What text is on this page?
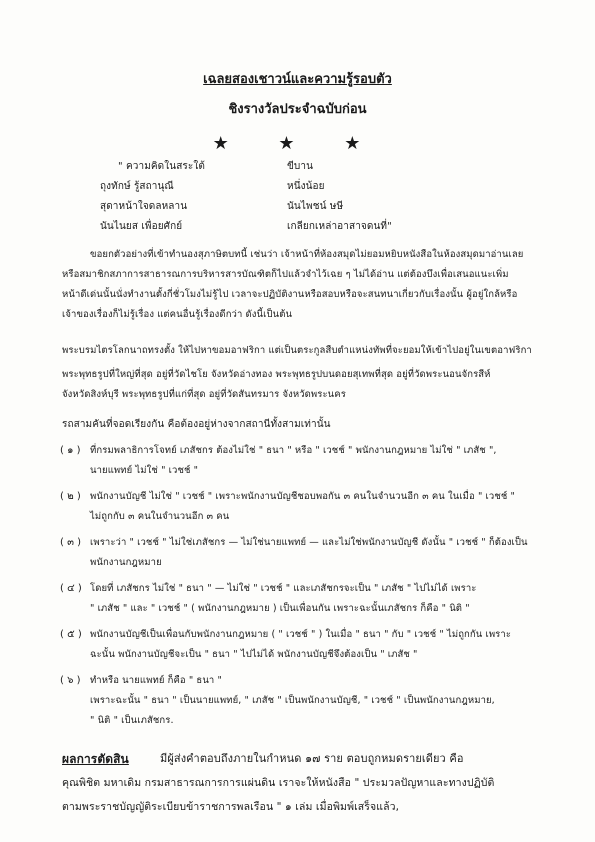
เฉลยสองเชาวน์และความรู้รอบตัว
ชิงรางวัลประจำฉบับก่อน
★ ★ ★
" ความคิดในสระใต้	ขีบาน
ถุงทักษ์ รู้สถานุณี	หนึ่งน้อย
สุดาหน้าใจดลหลาน	นันไพชน์ ษษี
นันไนยส เพื่อยศักย์	เกลียกเหล่าอาสาจดนที่"
ขอยกตัวอย่างที่เข้าทำนองสุภาษิตบทนี้ เช่นว่า เจ้าหน้าที่ห้องสมุดไม่ยอมหยิบหนังสือในห้องสมุดมาอ่านเลย
หรือสมาชิกสภาการสาธารณการบริหารสารบัณฑิตก็ไปแล้วจำไว้เฉย ๆ ไม่ได้อ่าน แต่ต้องบึงเพื่อเสนอแนะเพิ่ม
หน้าดีเด่นนั้นนั่งทำงานตั้งกี่ชั่วโมงไม่รู้ไป เวลาจะปฏิบัติงานหรือสอบหรือจะสนทนาเกี่ยวกับเรื่องนั้น ผู้อยู่ใกล้หรือ
เจ้าของเรื่องก็ไม่รู้เรื่อง แต่คนอื่นรู้เรื่องดีกว่า ดังนี้เป็นต้น
พระบรมไตรโลกนาถทรงตั้ง ให้ไปหาขอมอาฟริกา แต่เป็นตระกูลสืบตำแหน่งทัพที่จะยอมให้เข้าไปอยู่ในเขตอาฟริกา
พระพุทธรูปที่ใหญ่ที่สุด อยู่ที่วัดไชโย จังหวัดอ่างทอง พระพุทธรูปบนดอยสุเทพที่สุด อยู่ที่วัดพระนอนจักรสีห์
จังหวัดสิงห์บุรี พระพุทธรูปที่แก่ที่สุด อยู่ที่วัดสันทรมาร จังหวัดพระนคร
รถสามคันที่จอดเรียงกัน คือต้องอยู่ห่างจากสถานีทั้งสามเท่านั้น
( ๑ ) ที่กรมพลาธิการโจทย์ เภสัชกร ต้องไม่ใช่ " ธนา " หรือ " เวชช์ " พนักงานกฎหมาย ไม่ใช่ " เภสัช ",
นายแพทย์ ไม่ใช่ " เวชช์ "
( ๒ ) พนักงานบัญชี ไม่ใช่ " เวชช์ " เพราะพนักงานบัญชีชอบพอกัน ๓ คนในจำนวนอีก ๓ คน ในเมื่อ " เวชช์ "
ไม่ถูกกับ ๓ คนในจำนวนอีก ๓ คน
( ๓ ) เพราะว่า " เวชช์ " ไม่ใช่เภสัชกร — ไม่ใช่นายแพทย์ — และไม่ใช่พนักงานบัญชี ดังนั้น " เวชช์ " ก็ต้องเป็น
พนักงานกฎหมาย
( ๔ ) โดยที่ เภสัชกร ไม่ใช่ " ธนา " — ไม่ใช่ " เวชช์ " และเภสัชกรจะเป็น " เภสัช " ไปไม่ได้ เพราะ
" เภสัช " และ " เวชช์ " ( พนักงานกฎหมาย ) เป็นเพื่อนกัน เพราะฉะนั้นเภสัชกร ก็คือ " นิติ "
( ๕ ) พนักงานบัญชีเป็นเพื่อนกับพนักงานกฎหมาย ( " เวชช์ " ) ในเมื่อ " ธนา " กับ " เวชช์ " ไม่ถูกกัน เพราะ
ฉะนั้น พนักงานบัญชีจะเป็น " ธนา " ไปไม่ได้ พนักงานบัญชีจึงต้องเป็น " เภสัช "
( ๖ ) ทำหรือ นายแพทย์ ก็คือ " ธนา "
เพราะฉะนั้น " ธนา " เป็นนายแพทย์, " เภสัช " เป็นพนักงานบัญชี, " เวชช์ " เป็นพนักงานกฎหมาย,
" นิติ " เป็นเภสัชกร.
ผลการตัดสิน	มีผู้ส่งคำตอบถึงภายในกำหนด ๑๗ ราย ตอบถูกหมดรายเดียว คือ
คุณพิชิต มหาเดิม กรมสาธารณการการแผ่นดิน เราจะให้หนังสือ " ประมวลปัญหาและทางปฏิบัติ
ตามพระราชบัญญัติระเบียบข้าราชการพลเรือน " ๑ เล่ม เมื่อพิมพ์เสร็จแล้ว,
